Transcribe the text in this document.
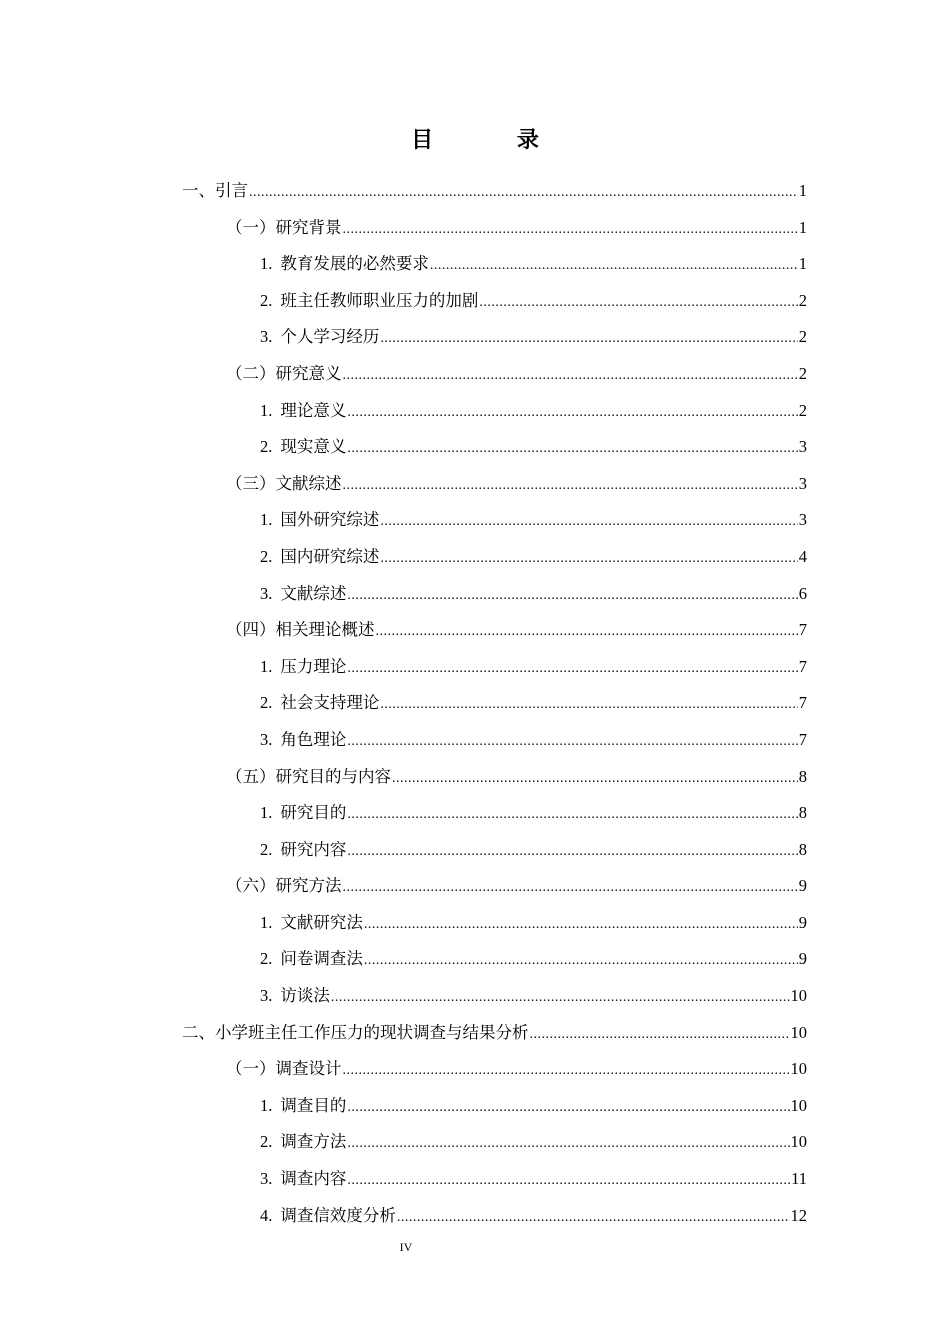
目 录
一、引言 .....	1
（一）研究背景 .....	1
1. 教育发展的必然要求 .....	1
2. 班主任教师职业压力的加剧 .....	2
3. 个人学习经历 .....	2
（二）研究意义 .....	2
1. 理论意义 .....	2
2. 现实意义 .....	3
（三）文献综述 .....	3
1. 国外研究综述 .....	3
2. 国内研究综述 .....	4
3. 文献综述 .....	6
（四）相关理论概述 .....	7
1. 压力理论 .....	7
2. 社会支持理论 .....	7
3. 角色理论 .....	7
（五）研究目的与内容 .....	8
1. 研究目的 .....	8
2. 研究内容 .....	8
（六）研究方法 .....	9
1. 文献研究法 .....	9
2. 问卷调查法 .....	9
3. 访谈法 .....	10
二、小学班主任工作压力的现状调查与结果分析 .....	10
（一）调查设计 .....	10
1. 调查目的 .....	10
2. 调查方法 .....	10
3. 调查内容 .....	11
4. 调查信效度分析 .....	12
IV
